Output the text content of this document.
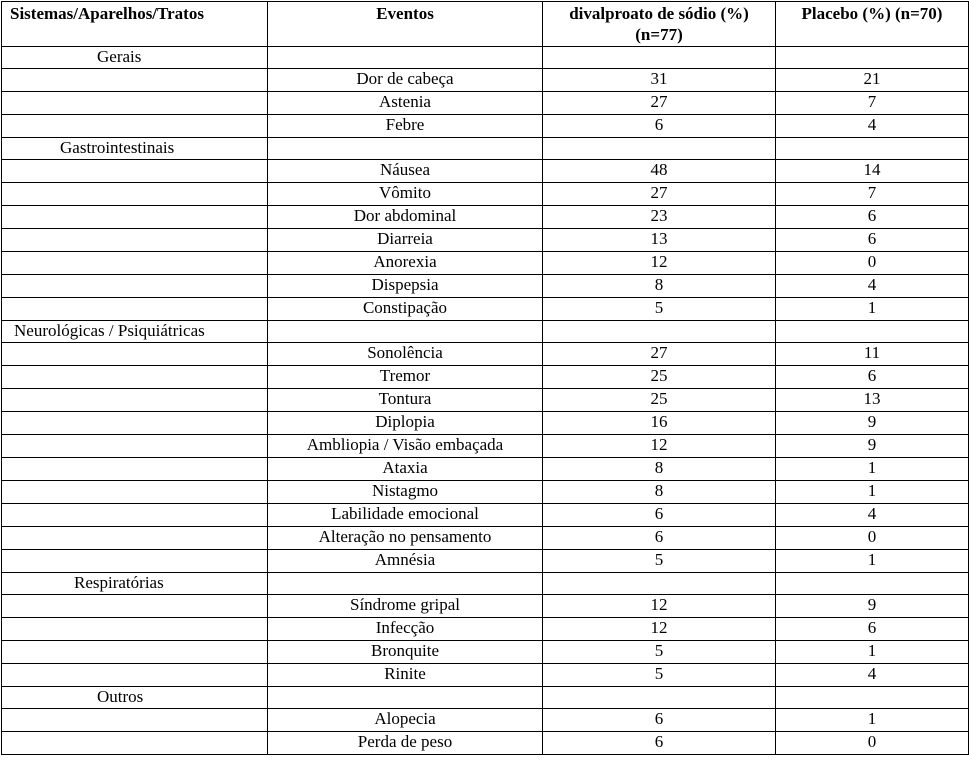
Sistemas/Aparelhos/Tratos	Eventos	divalproato de sódio (%) (n=77)	Placebo (%) (n=70)
Gerais			
	Dor de cabeça	31	21
	Astenia	27	7
	Febre	6	4
Gastrointestinais			
	Náusea	48	14
	Vômito	27	7
	Dor abdominal	23	6
	Diarreia	13	6
	Anorexia	12	0
	Dispepsia	8	4
	Constipação	5	1
Neurológicas / Psiquiátricas			
	Sonolência	27	11
	Tremor	25	6
	Tontura	25	13
	Diplopia	16	9
	Ambliopia / Visão embaçada	12	9
	Ataxia	8	1
	Nistagmo	8	1
	Labilidade emocional	6	4
	Alteração no pensamento	6	0
	Amnésia	5	1
Respiratórias			
	Síndrome gripal	12	9
	Infecção	12	6
	Bronquite	5	1
	Rinite	5	4
Outros			
	Alopecia	6	1
	Perda de peso	6	0
